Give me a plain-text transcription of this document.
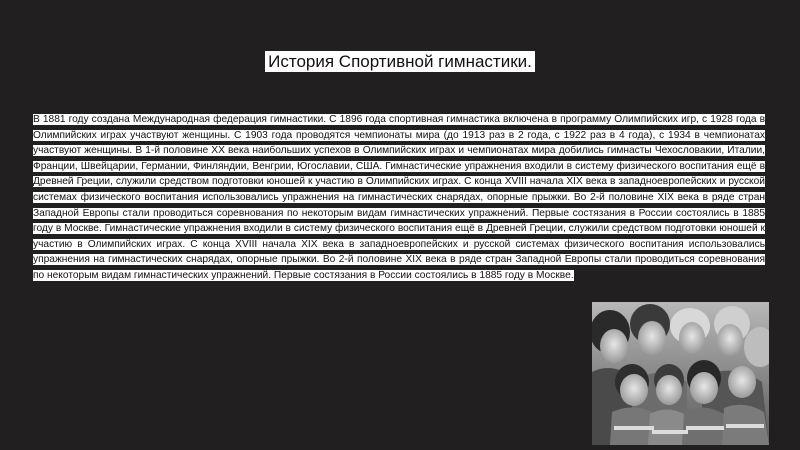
История Спортивной гимнастики.
В 1881 году создана Международная федерация гимнастики. С 1896 года спортивная гимнастика включена в программу Олимпийских игр, с 1928 года в Олимпийских играх участвуют женщины. С 1903 года проводятся чемпионаты мира (до 1913 раз в 2 года, с 1922 раз в 4 года), с 1934 в чемпионатах участвуют женщины. В 1-й половине XX века наибольших успехов в Олимпийских играх и чемпионатах мира добились гимнасты Чехословакии, Италии, Франции, Швейцарии, Германии, Финляндии, Венгрии, Югославии, США. Гимнастические упражнения входили в систему физического воспитания ещё в Древней Греции, служили средством подготовки юношей к участию в Олимпийских играх. С конца XVIII начала XIX века в западноевропейских и русской системах физического воспитания использовались упражнения на гимнастических снарядах, опорные прыжки. Во 2-й половине XIX века в ряде стран Западной Европы стали проводиться соревнования по некоторым видам гимнастических упражнений. Первые состязания в России состоялись в 1885 году в Москве. Гимнастические упражнения входили в систему физического воспитания ещё в Древней Греции, служили средством подготовки юношей к участию в Олимпийских играх. С конца XVIII начала XIX века в западноевропейских и русской системах физического воспитания использовались упражнения на гимнастических снарядах, опорные прыжки. Во 2-й половине XIX века в ряде стран Западной Европы стали проводиться соревнования по некоторым видам гимнастических упражнений. Первые состязания в России состоялись в 1885 году в Москве.
